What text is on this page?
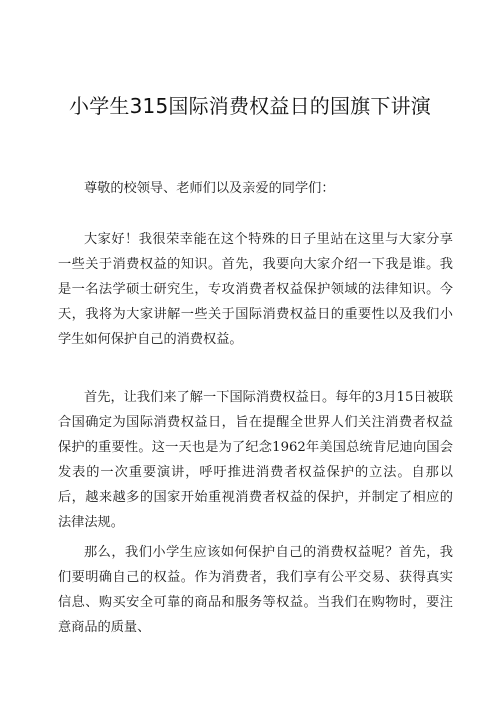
小学生315国际消费权益日的国旗下讲演

尊敬的校领导、老师们以及亲爱的同学们：

大家好！我很荣幸能在这个特殊的日子里站在这里与大家分享一些关于消费权益的知识。首先，我要向大家介绍一下我是谁。我是一名法学硕士研究生，专攻消费者权益保护领域的法律知识。今天，我将为大家讲解一些关于国际消费权益日的重要性以及我们小学生如何保护自己的消费权益。

首先，让我们来了解一下国际消费权益日。每年的3月15日被联合国确定为国际消费权益日，旨在提醒全世界人们关注消费者权益保护的重要性。这一天也是为了纪念1962年美国总统肯尼迪向国会发表的一次重要演讲，呼吁推进消费者权益保护的立法。自那以后，越来越多的国家开始重视消费者权益的保护，并制定了相应的法律法规。

那么，我们小学生应该如何保护自己的消费权益呢？首先，我们要明确自己的权益。作为消费者，我们享有公平交易、获得真实信息、购买安全可靠的商品和服务等权益。当我们在购物时，要注意商品的质量、
